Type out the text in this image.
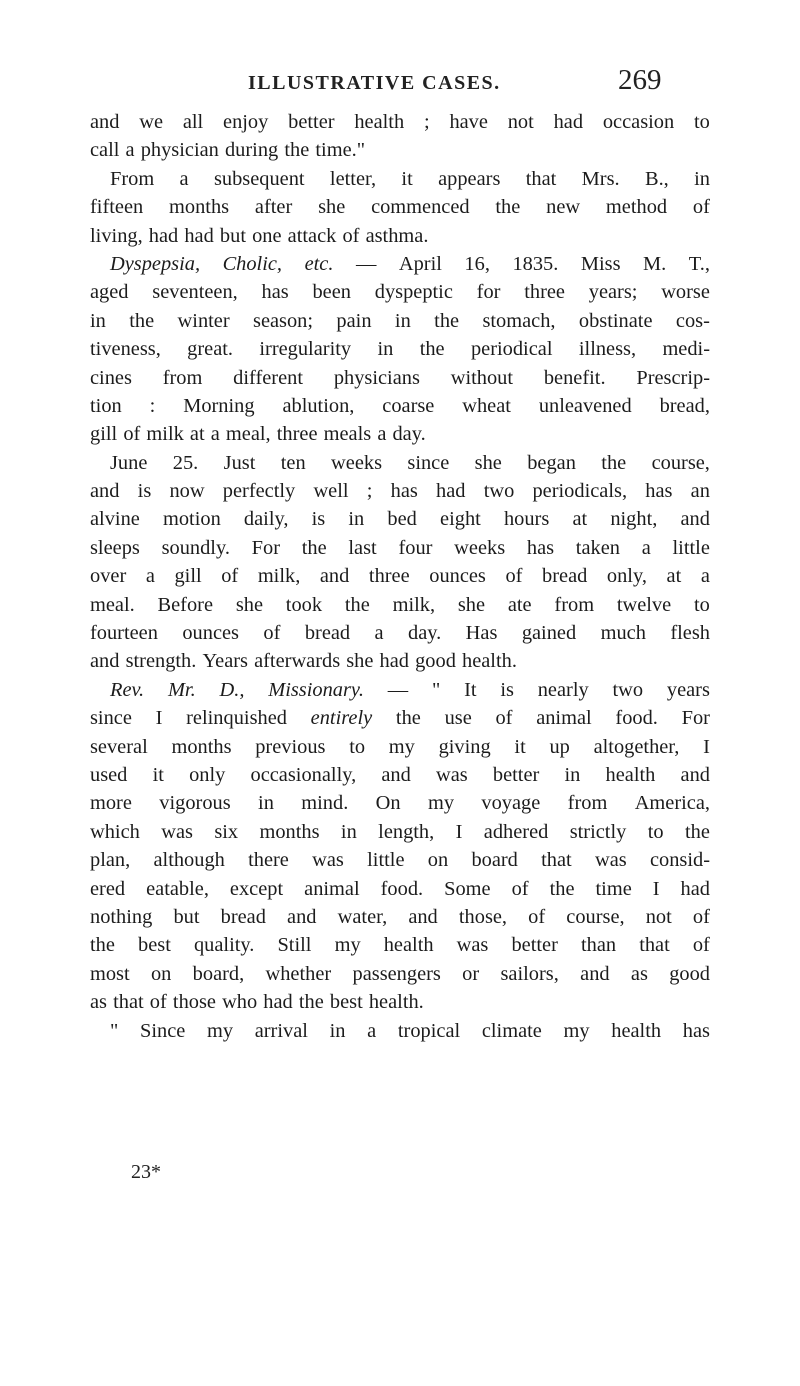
ILLUSTRATIVE CASES.	269
and we all enjoy better health ; have not had occasion to
call a physician during the time."
From a subsequent letter, it appears that Mrs. B., in
fifteen months after she commenced the new method of
living, had had but one attack of asthma.
Dyspepsia, Cholic, etc. — April 16, 1835. Miss M. T.,
aged seventeen, has been dyspeptic for three years; worse
in the winter season; pain in the stomach, obstinate cos-
tiveness, great. irregularity in the periodical illness, medi-
cines from different physicians without benefit. Prescrip-
tion : Morning ablution, coarse wheat unleavened bread,
gill of milk at a meal, three meals a day.
June 25. Just ten weeks since she began the course,
and is now perfectly well ; has had two periodicals, has an
alvine motion daily, is in bed eight hours at night, and
sleeps soundly. For the last four weeks has taken a little
over a gill of milk, and three ounces of bread only, at a
meal. Before she took the milk, she ate from twelve to
fourteen ounces of bread a day. Has gained much flesh
and strength. Years afterwards she had good health.
Rev. Mr. D., Missionary. — " It is nearly two years
since I relinquished entirely the use of animal food. For
several months previous to my giving it up altogether, I
used it only occasionally, and was better in health and
more vigorous in mind. On my voyage from America,
which was six months in length, I adhered strictly to the
plan, although there was little on board that was consid-
ered eatable, except animal food. Some of the time I had
nothing but bread and water, and those, of course, not of
the best quality. Still my health was better than that of
most on board, whether passengers or sailors, and as good
as that of those who had the best health.
" Since my arrival in a tropical climate my health has
23*
